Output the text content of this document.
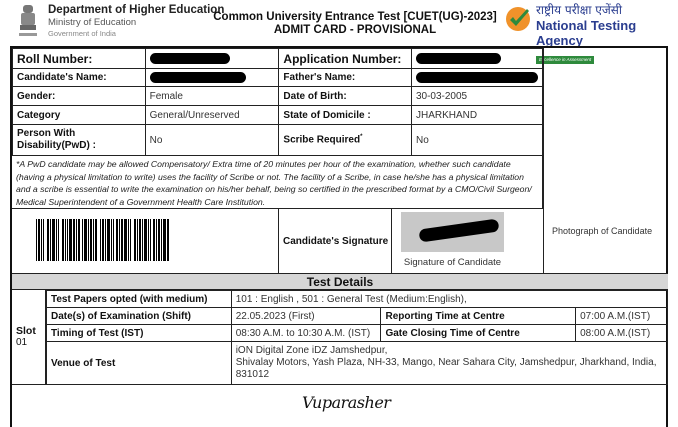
Department of Higher Education
Ministry of Education
Government of India
Common University Entrance Test [CUET(UG)-2023]
ADMIT CARD - PROVISIONAL
राष्ट्रीय परीक्षा एजेंसी
National Testing Agency
Excellence in Assessment
Roll Number:		Application Number:	
Candidate's Name:		Father's Name:	
Gender:	Female	Date of Birth:	30-03-2005
Category	General/Unreserved	State of Domicile :	JHARKHAND
Person With Disability(PwD) :	No	Scribe Required*	No
*A PwD candidate may be allowed Compensatory/ Extra time of 20 minutes per hour of the examination, whether such candidate (having a physical limitation to write) uses the facility of Scribe or not. The facility of a Scribe, in case he/she has a physical limitation and a scribe is essential to write the examination on his/her behalf, being so certified in the prescribed format by a CMO/Civil Surgeon/ Medical Superintendent of a Government Health Care Institution.
Photograph of Candidate
Candidate's Signature
Signature of Candidate
Test Details
Slot
01
Test Papers opted (with medium)	101 : English , 501 : General Test (Medium:English),		
Date(s) of Examination (Shift)	22.05.2023 (First)	Reporting Time at Centre	07:00 A.M.(IST)
Timing of Test (IST)	08:30 A.M. to 10:30 A.M. (IST)	Gate Closing Time of Centre	08:00 A.M.(IST)
Venue of Test	iON Digital Zone iDZ Jamshedpur,
Shivalay Motors, Yash Plaza, NH-33, Mango, Near Sahara City, Jamshedpur, Jharkhand, India,
831012		
Vuparasher
